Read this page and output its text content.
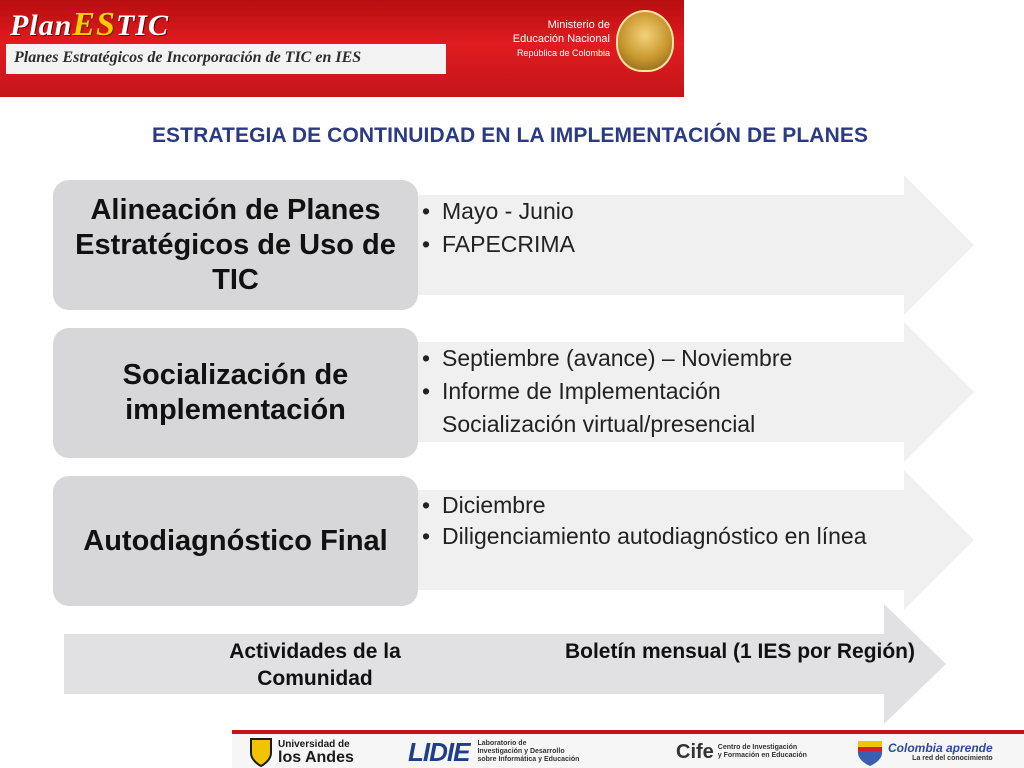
PlanESTIC
Planes Estratégicos de Incorporación de TIC en IES
Ministerio de
Educación Nacional
República de Colombia
ESTRATEGIA DE CONTINUIDAD EN LA IMPLEMENTACIÓN DE PLANES
Alineación de Planes Estratégicos de Uso de TIC
• Mayo - Junio
• FAPECRIMA
Socialización de implementación
• Septiembre (avance) – Noviembre
• Informe de Implementación Socialización virtual/presencial
Autodiagnóstico Final
• Diciembre
• Diligenciamiento autodiagnóstico en línea
Actividades de la Comunidad
Boletín mensual (1 IES por Región)
Universidad de
los Andes LIDIE Laboratorio de
Investigación y Desarrollo
sobre Informática y Educación	Cife Centro de Investigación
y Formación en Educación
Colombia aprende
La red del conocimiento
